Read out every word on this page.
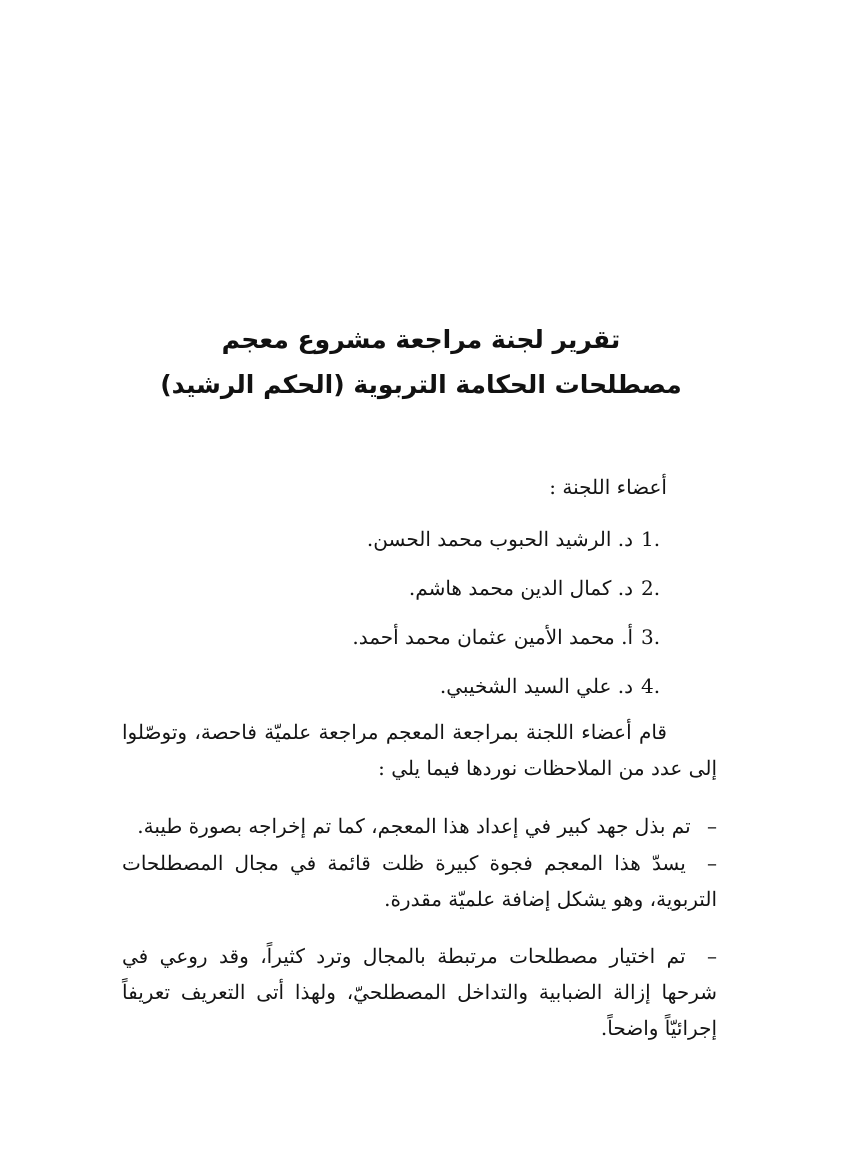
تقرير لجنة مراجعة مشروع معجم
مصطلحات الحكامة التربوية (الحكم الرشيد)
أعضاء اللجنة :
1.
د. الرشيد الحبوب محمد الحسن.
2.
د. كمال الدين محمد هاشم.
3.
أ. محمد الأمين عثمان محمد أحمد.
4.
د. علي السيد الشخيبي.
قام أعضاء اللجنة بمراجعة المعجم مراجعة علميّة فاحصة، وتوصّلوا إلى عدد من الملاحظات نوردها فيما يلي :
– تم بذل جهد كبير في إعداد هذا المعجم، كما تم إخراجه بصورة طيبة.
– يسدّ هذا المعجم فجوة كبيرة ظلت قائمة في مجال المصطلحات التربوية، وهو يشكل إضافة علميّة مقدرة.
– تم اختيار مصطلحات مرتبطة بالمجال وترد كثيراً، وقد روعي في شرحها إزالة الضبابية والتداخل المصطلحيّ، ولهذا أتى التعريف تعريفاً إجرائيّاً واضحاً.
